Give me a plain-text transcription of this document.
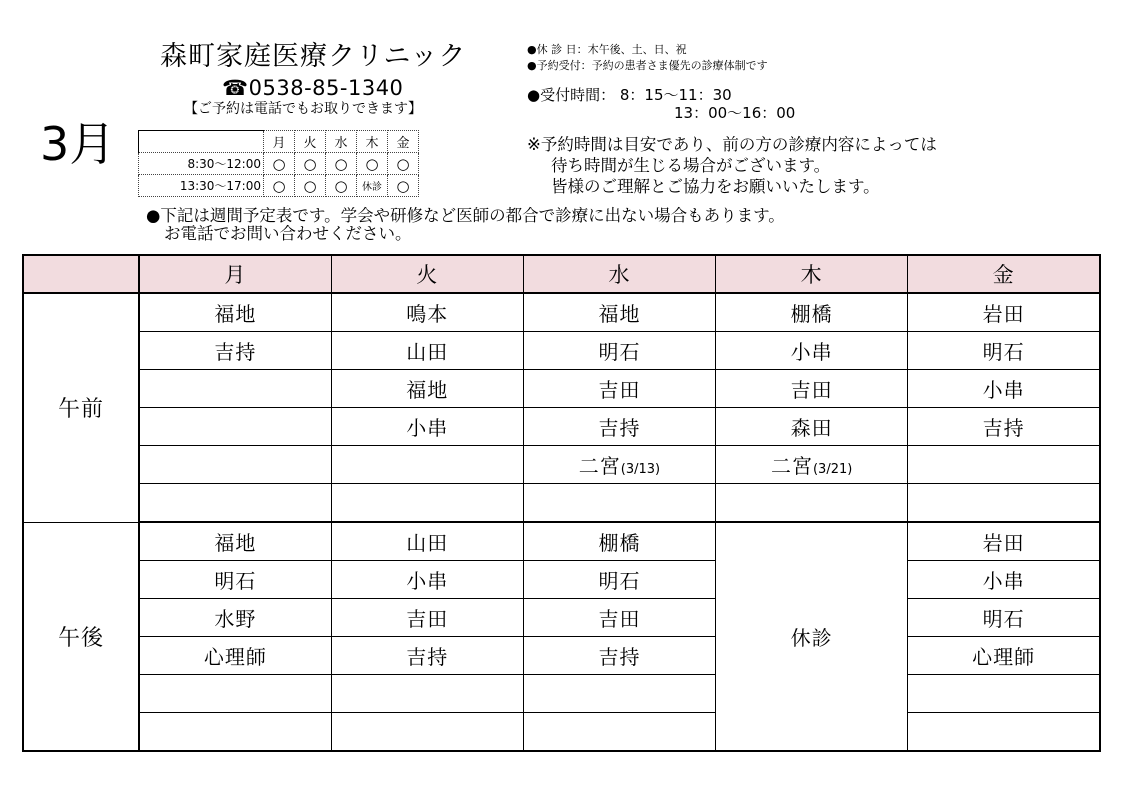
3月
森町家庭医療クリニック
☎0538-85-1340
【ご予約は電話でもお取りできます】
	月	火	水	木	金
8:30～12:00	○	○	○	○	○
13:30～17:00	○	○	○	休診	○
●休 診 日：木午後、土、日、祝
●予約受付：予約の患者さま優先の診療体制です
●受付時間： 8：15～11：30
13：00～16：00
※予約時間は目安であり、前の方の診療内容によっては
待ち時間が生じる場合がございます。
皆様のご理解とご協力をお願いいたします。
●下記は週間予定表です。学会や研修など医師の都合で診療に出ない場合もあります。
お電話でお問い合わせください。
	月	火	水	木	金
午前	福地	鳴本	福地	棚橋	岩田
	吉持	山田	明石	小串	明石
		福地	吉田	吉田	小串
		小串	吉持	森田	吉持
			二宮(3/13)	二宮(3/21)	

午後	福地	山田	棚橋	休診	岩田
	明石	小串	明石		小串
	水野	吉田	吉田		明石
	心理師	吉持	吉持		心理師
